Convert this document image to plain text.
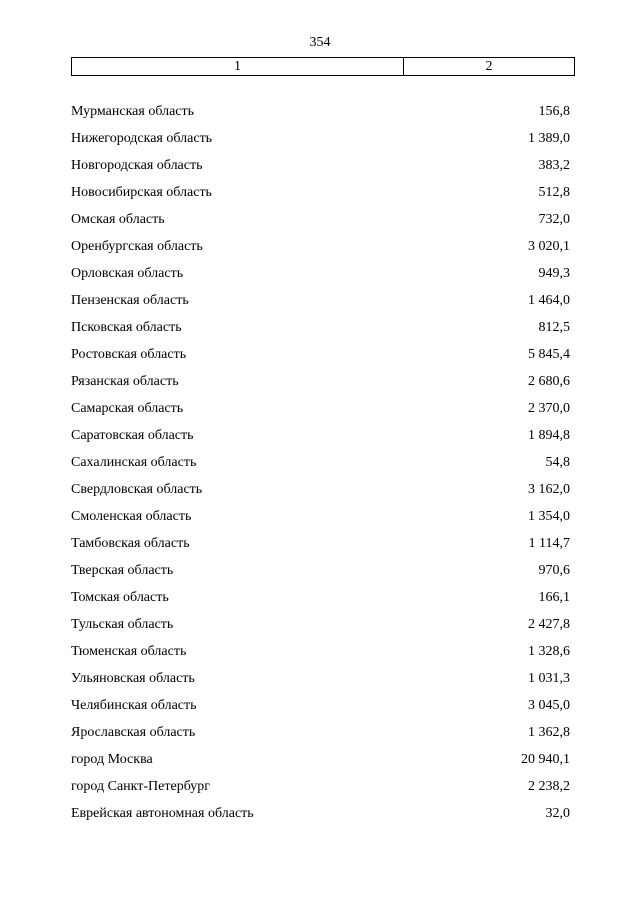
354
1	2
Мурманская область	156,8
Нижегородская область	1 389,0
Новгородская область	383,2
Новосибирская область	512,8
Омская область	732,0
Оренбургская область	3 020,1
Орловская область	949,3
Пензенская область	1 464,0
Псковская область	812,5
Ростовская область	5 845,4
Рязанская область	2 680,6
Самарская область	2 370,0
Саратовская область	1 894,8
Сахалинская область	54,8
Свердловская область	3 162,0
Смоленская область	1 354,0
Тамбовская область	1 114,7
Тверская область	970,6
Томская область	166,1
Тульская область	2 427,8
Тюменская область	1 328,6
Ульяновская область	1 031,3
Челябинская область	3 045,0
Ярославская область	1 362,8
город Москва	20 940,1
город Санкт-Петербург	2 238,2
Еврейская автономная область	32,0
